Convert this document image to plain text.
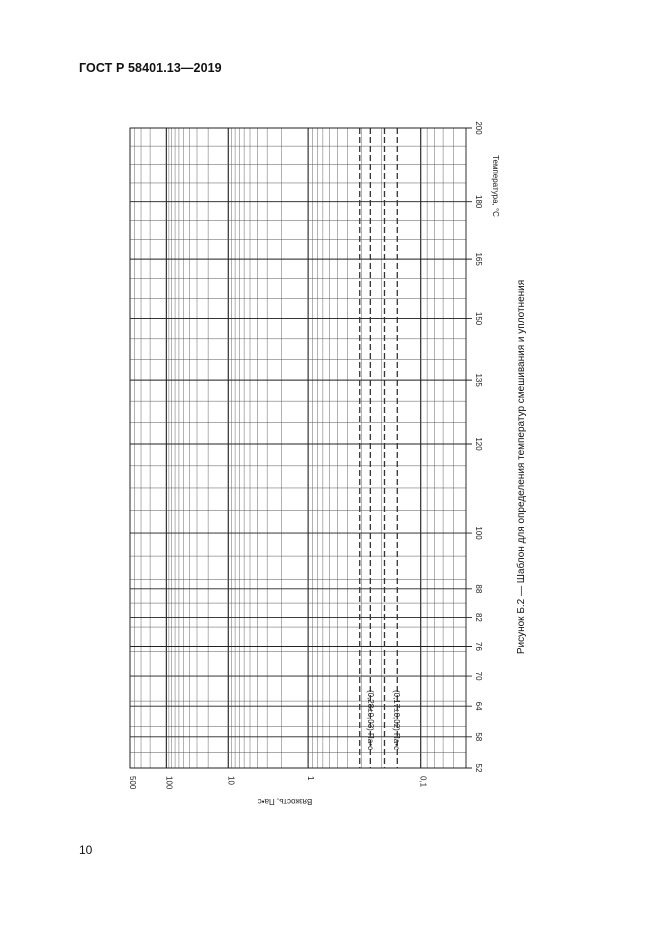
ГОСТ Р 58401.13—2019
10
(0,28±0,03) Па•с (0,17±0,02) Па•с
52
58
64
70
76
82
88
100
120
135
150
165
180
200
500	100	10	1	0,1
Температура, °C
Вязкость, Па•с
Рисунок Б.2 — Шаблон для определения температур смешивания и уплотнения
